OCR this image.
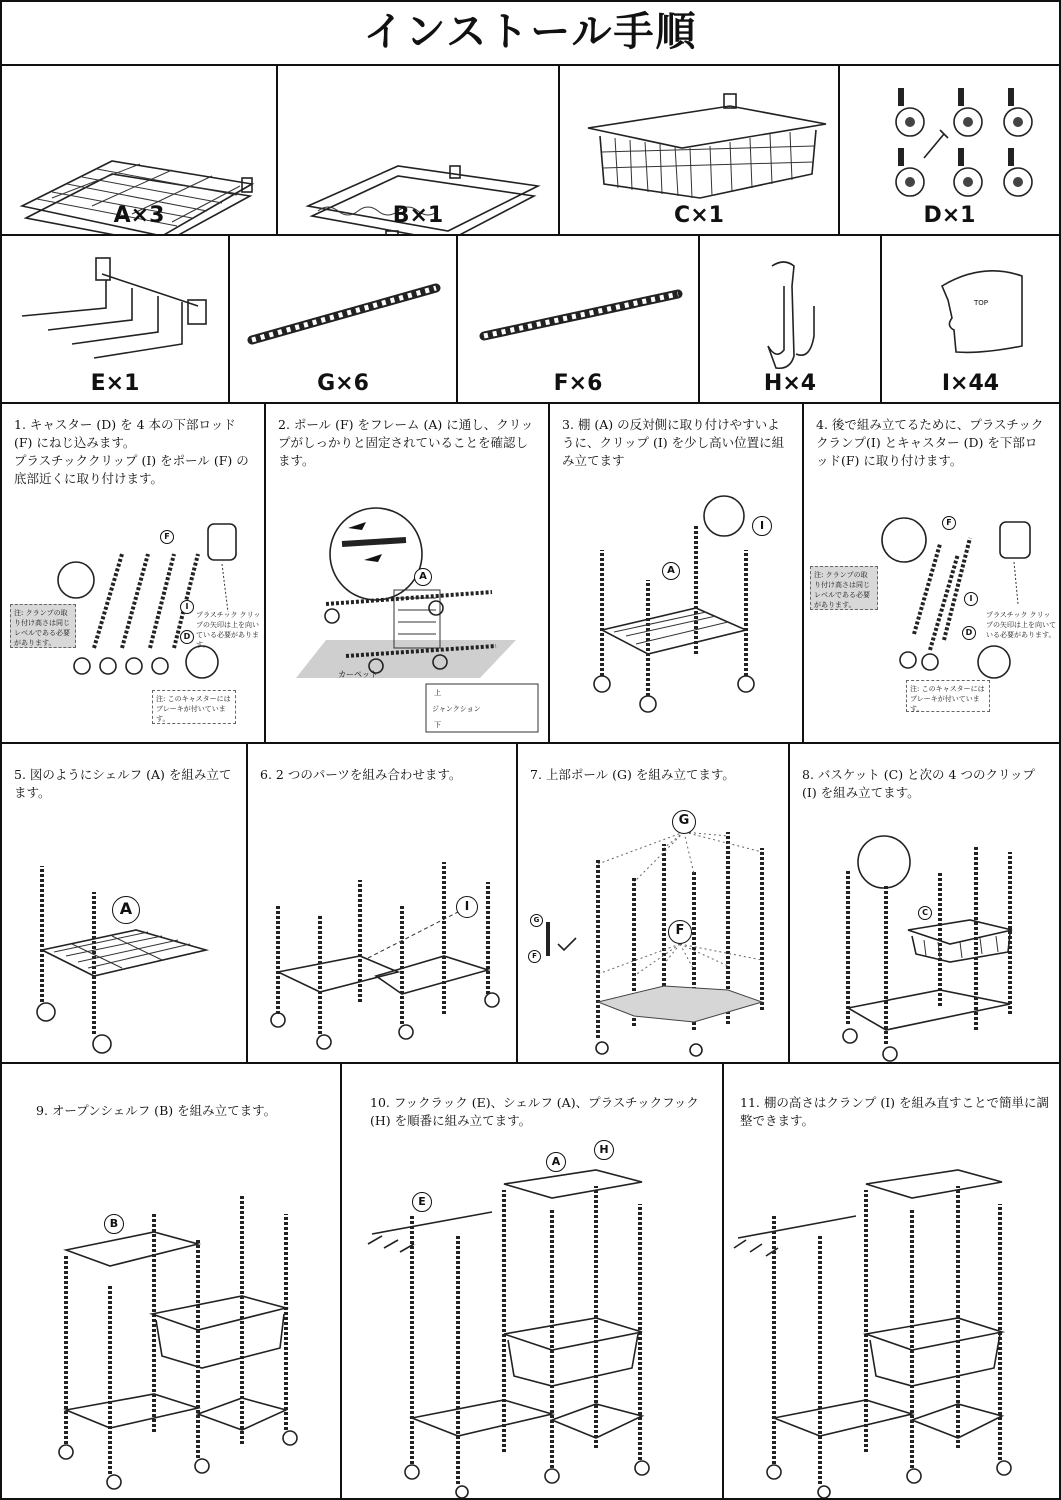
インストール手順
A×3	B×1	C×1	D×1
E×1	G×6	F×6	H×4
TOP
I×44
1. キャスター (D) を 4 本の下部ロッド (F) にねじ込みます。
プラスチッククリップ (I) をポール (F) の底部近くに取り付けます。
F
I
D
注: クランプの取り付け高さは同じレベルである必要があります。
プラスチック クリップの矢印は上を向いている必要があります。
注: このキャスターにはブレーキが付いています。
2. ポール (F) をフレーム (A) に通し、クリップがしっかりと固定されていることを確認します。
A
カーペット
上
ジャンクション
下
3. 棚 (A) の反対側に取り付けやすいように、クリップ (I) を少し高い位置に組み立てます
A
I
4. 後で組み立てるために、プラスチック クランプ(I) とキャスター (D) を下部ロッド(F) に取り付けます。
F
I
D
注: クランプの取り付け高さは同じレベルである必要があります。
プラスチック クリップの矢印は上を向いている必要があります。
注: このキャスターにはブレーキが付いています。
5. 図のようにシェルフ (A) を組み立てます。
A
6. 2 つのパーツを組み合わせます。
I
7. 上部ポール (G) を組み立てます。
G
F
G
F
8. バスケット (C) と次の 4 つのクリップ (I) を組み立てます。
C
9. オープンシェルフ (B) を組み立てます。
B
10. フックラック (E)、シェルフ (A)、プラスチックフック (H) を順番に組み立てます。
E
A
H
11. 棚の高さはクランプ (I) を組み直すことで簡単に調整できます。
